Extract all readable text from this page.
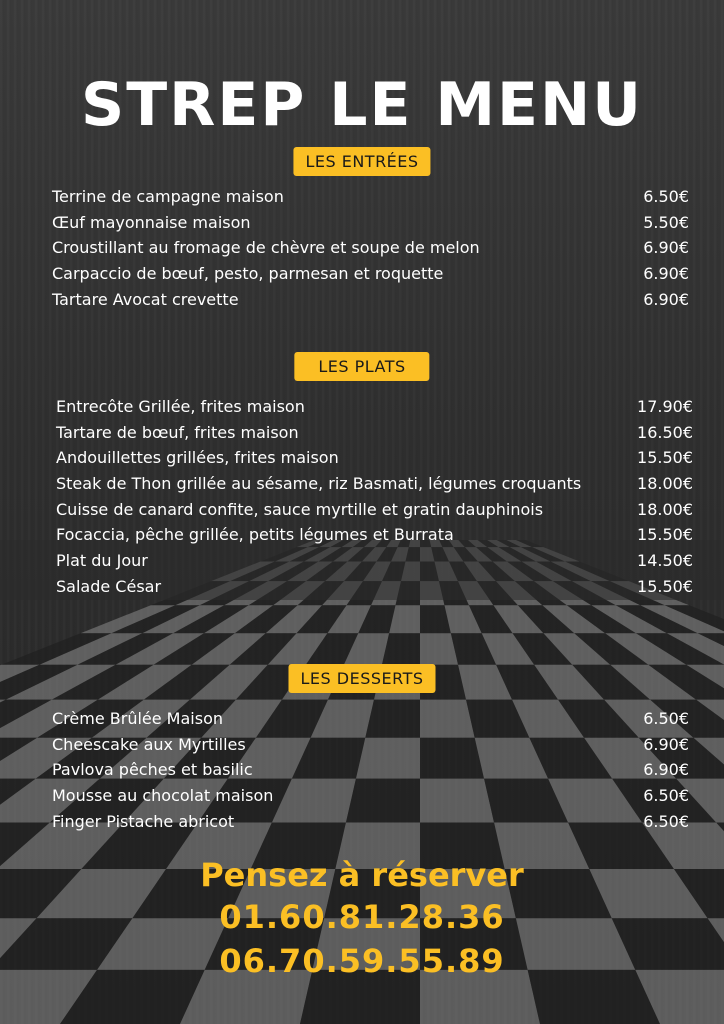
STREP LE MENU
LES ENTRÉES
Terrine de campagne maison	6.50€
Œuf mayonnaise maison	5.50€
Croustillant au fromage de chèvre et soupe de melon	6.90€
Carpaccio de bœuf, pesto, parmesan et roquette	6.90€
Tartare Avocat crevette	6.90€
LES PLATS
Entrecôte Grillée, frites maison	17.90€
Tartare de bœuf, frites maison	16.50€
Andouillettes grillées, frites maison	15.50€
Steak de Thon grillée au sésame, riz Basmati, légumes croquants	18.00€
Cuisse de canard confite, sauce myrtille et gratin dauphinois	18.00€
Focaccia, pêche grillée, petits légumes et Burrata	15.50€
Plat du Jour	14.50€
Salade César	15.50€
LES DESSERTS
Crème Brûlée Maison	6.50€
Cheescake aux Myrtilles	6.90€
Pavlova pêches et basilic	6.90€
Mousse au chocolat maison	6.50€
Finger Pistache abricot	6.50€
Pensez à réserver
01.60.81.28.36
06.70.59.55.89
